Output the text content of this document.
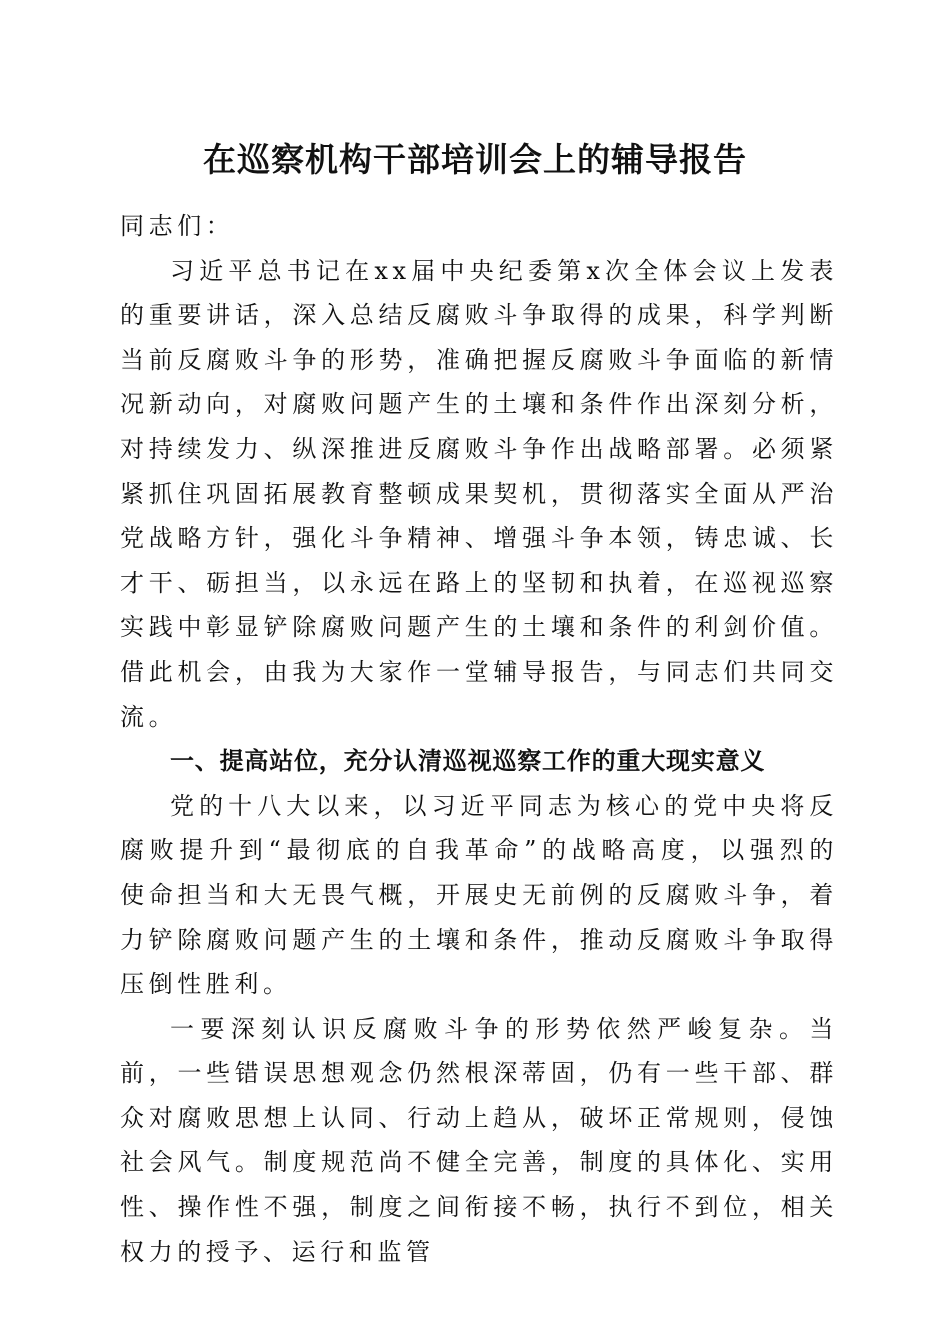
在巡察机构干部培训会上的辅导报告

同志们：

习近平总书记在xx届中央纪委第x次全体会议上发表的重要讲话，深入总结反腐败斗争取得的成果，科学判断当前反腐败斗争的形势，准确把握反腐败斗争面临的新情况新动向，对腐败问题产生的土壤和条件作出深刻分析，对持续发力、纵深推进反腐败斗争作出战略部署。必须紧紧抓住巩固拓展教育整顿成果契机，贯彻落实全面从严治党战略方针，强化斗争精神、增强斗争本领，铸忠诚、长才干、砺担当，以永远在路上的坚韧和执着，在巡视巡察实践中彰显铲除腐败问题产生的土壤和条件的利剑价值。借此机会，由我为大家作一堂辅导报告，与同志们共同交流。

一、提高站位，充分认清巡视巡察工作的重大现实意义

党的十八大以来，以习近平同志为核心的党中央将反腐败提升到“最彻底的自我革命”的战略高度，以强烈的使命担当和大无畏气概，开展史无前例的反腐败斗争，着力铲除腐败问题产生的土壤和条件，推动反腐败斗争取得压倒性胜利。

一要深刻认识反腐败斗争的形势依然严峻复杂。当前，一些错误思想观念仍然根深蒂固，仍有一些干部、群众对腐败思想上认同、行动上趋从，破坏正常规则，侵蚀社会风气。制度规范尚不健全完善，制度的具体化、实用性、操作性不强，制度之间衔接不畅，执行不到位，相关权力的授予、运行和监管
